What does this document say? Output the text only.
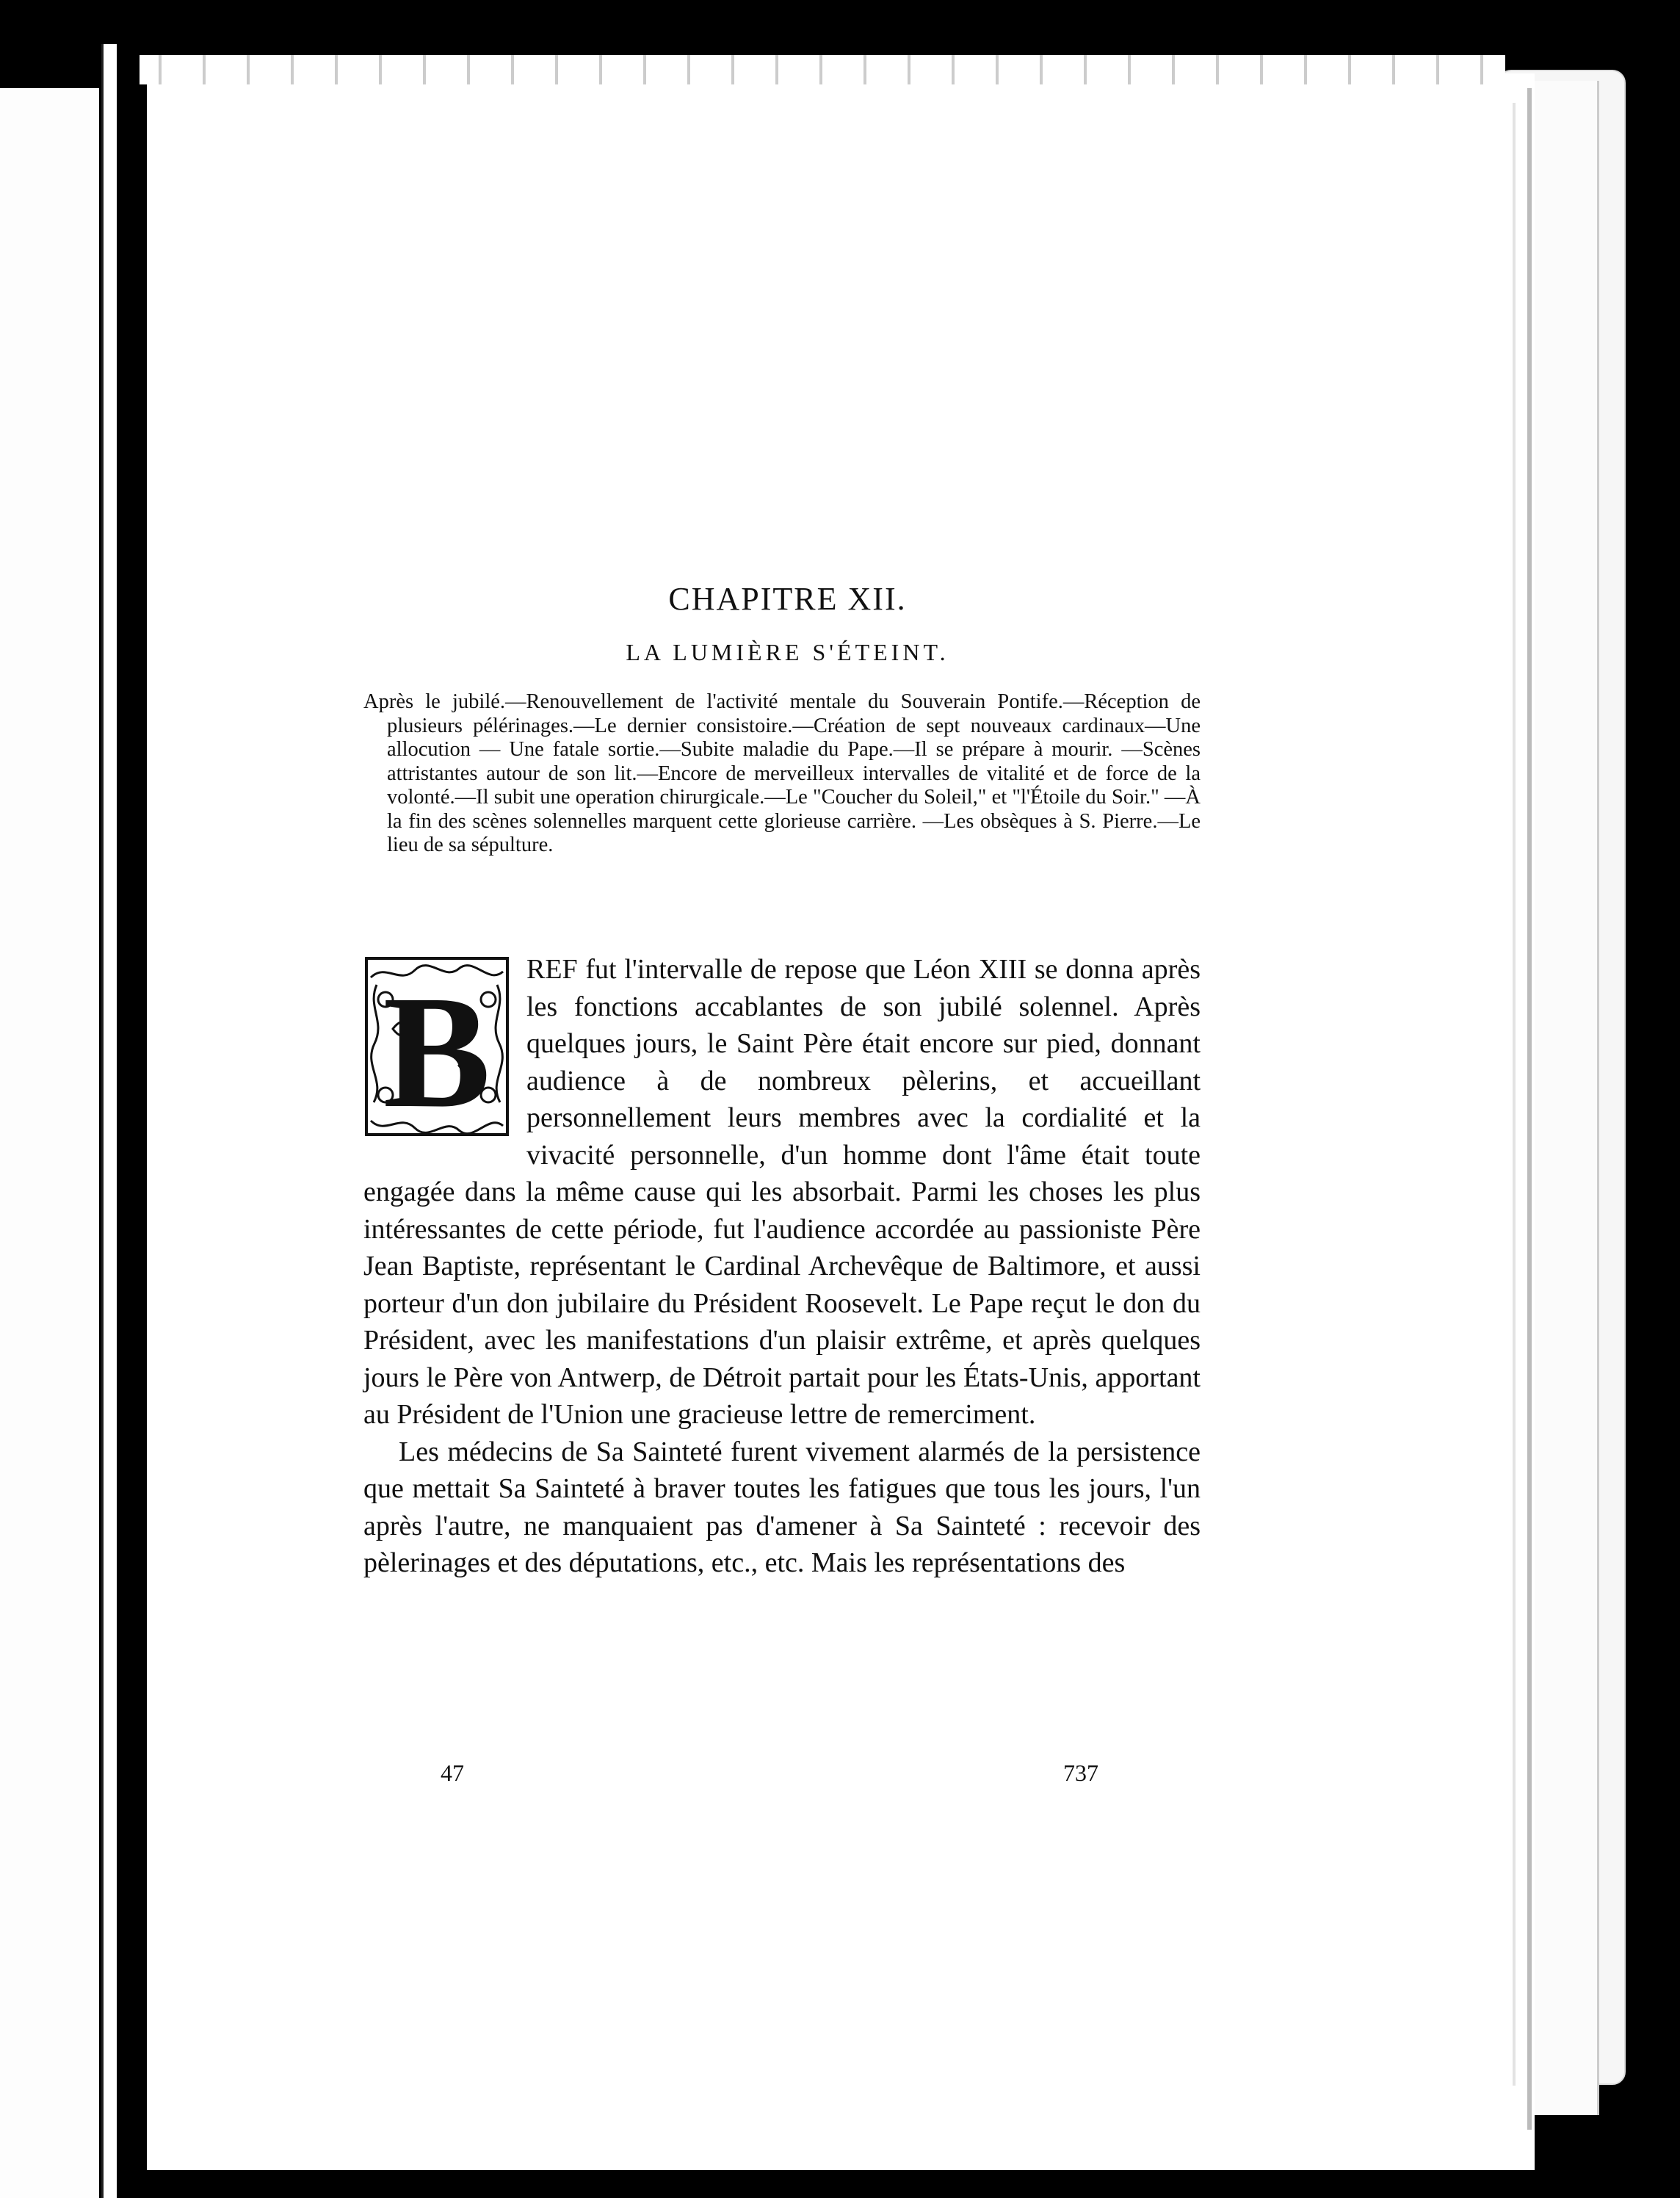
CHAPITRE XII.
LA LUMIÈRE S'ÉTEINT.

Après le jubilé.—Renouvellement de l'activité mentale du Souverain Pontife.—Réception de plusieurs pélérinages.—Le dernier consistoire.—Création de sept nouveaux cardinaux—Une allocution — Une fatale sortie.—Subite maladie du Pape.—Il se prépare à mourir. —Scènes attristantes autour de son lit.—Encore de merveilleux intervalles de vitalité et de force de la volonté.—Il subit une operation chirurgicale.—Le "Coucher du Soleil," et "l'Étoile du Soir." —À la fin des scènes solennelles marquent cette glorieuse carrière. —Les obsèques à S. Pierre.—Le lieu de sa sépulture.

B	REF fut l'intervalle de repose que Léon XIII se donna après les fonctions accablantes de son jubilé solennel. Après quelques jours, le Saint Père était encore sur pied, donnant audience à de nombreux pèlerins, et accueillant personnellement leurs membres avec la cordialité et la vivacité personnelle, d'un homme dont l'âme était toute engagée dans la même cause qui les absorbait. Parmi les choses les plus intéressantes de cette période, fut l'audience accordée au passioniste Père Jean Baptiste, représentant le Cardinal Archevêque de Baltimore, et aussi porteur d'un don jubilaire du Président Roosevelt. Le Pape reçut le don du Président, avec les manifestations d'un plaisir extrême, et après quelques jours le Père von Antwerp, de Détroit partait pour les États-Unis, apportant au Président de l'Union une gracieuse lettre de remerciment.

Les médecins de Sa Sainteté furent vivement alarmés de la persistence que mettait Sa Sainteté à braver toutes les fatigues que tous les jours, l'un après l'autre, ne manquaient pas d'amener à Sa Sainteté : recevoir des pèlerinages et des députations, etc., etc. Mais les représentations des

47	737
